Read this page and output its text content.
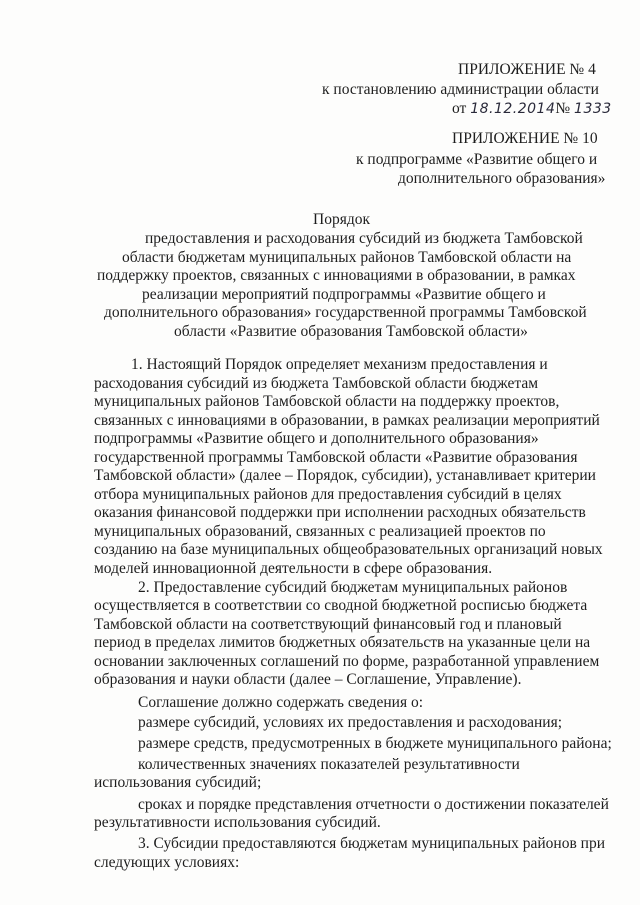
ПРИЛОЖЕНИЕ № 4
к постановлению администрации области
от 18.12.2014№ 1333
ПРИЛОЖЕНИЕ № 10
к подпрограмме «Развитие общего и
дополнительного образования»
Порядок
предоставления и расходования субсидий из бюджета Тамбовской
области бюджетам муниципальных районов Тамбовской области на
поддержку проектов, связанных с инновациями в образовании, в рамках
реализации мероприятий подпрограммы «Развитие общего и
дополнительного образования» государственной программы Тамбовской
области «Развитие образования Тамбовской области»
1. Настоящий Порядок определяет механизм предоставления и
расходования субсидий из бюджета Тамбовской области бюджетам
муниципальных районов Тамбовской области на поддержку проектов,
связанных с инновациями в образовании, в рамках реализации мероприятий
подпрограммы «Развитие общего и дополнительного образования»
государственной программы Тамбовской области «Развитие образования
Тамбовской области» (далее – Порядок, субсидии), устанавливает критерии
отбора муниципальных районов для предоставления субсидий в целях
оказания финансовой поддержки при исполнении расходных обязательств
муниципальных образований, связанных с реализацией проектов по
созданию на базе муниципальных общеобразовательных организаций новых
моделей инновационной деятельности в сфере образования.
2. Предоставление субсидий бюджетам муниципальных районов
осуществляется в соответствии со сводной бюджетной росписью бюджета
Тамбовской области на соответствующий финансовый год и плановый
период в пределах лимитов бюджетных обязательств на указанные цели на
основании заключенных соглашений по форме, разработанной управлением
образования и науки области (далее – Соглашение, Управление).
Соглашение должно содержать сведения о:
размере субсидий, условиях их предоставления и расходования;
размере средств, предусмотренных в бюджете муниципального района;
количественных значениях показателей результативности
использования субсидий;
сроках и порядке представления отчетности о достижении показателей
результативности использования субсидий.
3. Субсидии предоставляются бюджетам муниципальных районов при
следующих условиях:
